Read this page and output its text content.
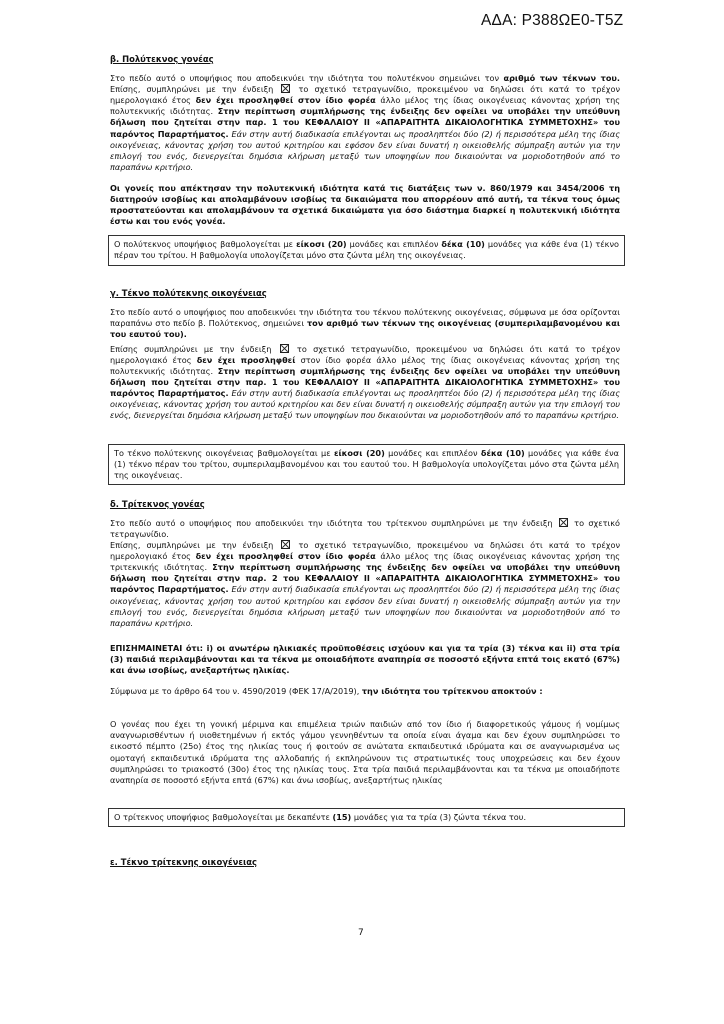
ΑΔΑ: Ρ388ΩΕ0-Τ5Ζ
β. Πολύτεκνος γονέας

Στο πεδίο αυτό ο υποψήφιος που αποδεικνύει την ιδιότητα του πολυτέκνου σημειώνει τον αριθμό των τέκνων του. Επίσης, συμπληρώνει με την ένδειξη  το σχετικό τετραγωνίδιο, προκειμένου να δηλώσει ότι κατά το τρέχον ημερολογιακό έτος δεν έχει προσληφθεί στον ίδιο φορέα άλλο μέλος της ίδιας οικογένειας κάνοντας χρήση της πολυτεκνικής ιδιότητας. Στην περίπτωση συμπλήρωσης της ένδειξης δεν οφείλει να υποβάλει την υπεύθυνη δήλωση που ζητείται στην παρ. 1 του ΚΕΦΑΛΑΙΟΥ ΙΙ «ΑΠΑΡΑΙΤΗΤΑ ΔΙΚΑΙΟΛΟΓΗΤΙΚΑ ΣΥΜΜΕΤΟΧΗΣ» του παρόντος Παραρτήματος. Εάν στην αυτή διαδικασία επιλέγονται ως προσληπτέοι δύο (2) ή περισσότερα μέλη της ίδιας οικογένειας, κάνοντας χρήση του αυτού κριτηρίου και εφόσον δεν είναι δυνατή η οικειοθελής σύμπραξη αυτών για την επιλογή του ενός, διενεργείται δημόσια κλήρωση μεταξύ των υποψηφίων που δικαιούνται να μοριοδοτηθούν από το παραπάνω κριτήριο.

Οι γονείς που απέκτησαν την πολυτεκνική ιδιότητα κατά τις διατάξεις των ν. 860/1979 και 3454/2006 τη διατηρούν ισοβίως και απολαμβάνουν ισοβίως τα δικαιώματα που απορρέουν από αυτή, τα τέκνα τους όμως προστατεύονται και απολαμβάνουν τα σχετικά δικαιώματα για όσο διάστημα διαρκεί η πολυτεκνική ιδιότητα έστω και του ενός γονέα.

Ο πολύτεκνος υποψήφιος βαθμολογείται με είκοσι (20) μονάδες και επιπλέον δέκα (10) μονάδες για κάθε ένα (1) τέκνο πέραν του τρίτου. Η βαθμολογία υπολογίζεται μόνο στα ζώντα μέλη της οικογένειας.
γ. Τέκνο πολύτεκνης οικογένειας

Στο πεδίο αυτό ο υποψήφιος που αποδεικνύει την ιδιότητα του τέκνου πολύτεκνης οικογένειας, σύμφωνα με όσα ορίζονται παραπάνω στο πεδίο β. Πολύτεκνος, σημειώνει τον αριθμό των τέκνων της οικογένειας (συμπεριλαμβανομένου και του εαυτού του).

Επίσης συμπληρώνει με την ένδειξη  το σχετικό τετραγωνίδιο, προκειμένου να δηλώσει ότι κατά το τρέχον ημερολογιακό έτος δεν έχει προσληφθεί στον ίδιο φορέα άλλο μέλος της ίδιας οικογένειας κάνοντας χρήση της πολυτεκνικής ιδιότητας. Στην περίπτωση συμπλήρωσης της ένδειξης δεν οφείλει να υποβάλει την υπεύθυνη δήλωση που ζητείται στην παρ. 1 του ΚΕΦΑΛΑΙΟΥ ΙΙ «ΑΠΑΡΑΙΤΗΤΑ ΔΙΚΑΙΟΛΟΓΗΤΙΚΑ ΣΥΜΜΕΤΟΧΗΣ» του παρόντος Παραρτήματος. Εάν στην αυτή διαδικασία επιλέγονται ως προσληπτέοι δύο (2) ή περισσότερα μέλη της ίδιας οικογένειας, κάνοντας χρήση του αυτού κριτηρίου και δεν είναι δυνατή η οικειοθελής σύμπραξη αυτών για την επιλογή του ενός, διενεργείται δημόσια κλήρωση μεταξύ των υποψηφίων που δικαιούνται να μοριοδοτηθούν από το παραπάνω κριτήριο.

Το τέκνο πολύτεκνης οικογένειας βαθμολογείται με είκοσι (20) μονάδες και επιπλέον δέκα (10) μονάδες για κάθε ένα (1) τέκνο πέραν του τρίτου, συμπεριλαμβανομένου και του εαυτού του. Η βαθμολογία υπολογίζεται μόνο στα ζώντα μέλη της οικογένειας.
δ. Τρίτεκνος γονέας

Στο πεδίο αυτό ο υποψήφιος που αποδεικνύει την ιδιότητα του τρίτεκνου συμπληρώνει με την ένδειξη  το σχετικό τετραγωνίδιο.

Επίσης, συμπληρώνει με την ένδειξη  το σχετικό τετραγωνίδιο, προκειμένου να δηλώσει ότι κατά το τρέχον ημερολογιακό έτος δεν έχει προσληφθεί στον ίδιο φορέα άλλο μέλος της ίδιας οικογένειας κάνοντας χρήση της τριτεκνικής ιδιότητας. Στην περίπτωση συμπλήρωσης της ένδειξης δεν οφείλει να υποβάλει την υπεύθυνη δήλωση που ζητείται στην παρ. 2 του ΚΕΦΑΛΑΙΟΥ ΙΙ «ΑΠΑΡΑΙΤΗΤΑ ΔΙΚΑΙΟΛΟΓΗΤΙΚΑ ΣΥΜΜΕΤΟΧΗΣ» του παρόντος Παραρτήματος. Εάν στην αυτή διαδικασία επιλέγονται ως προσληπτέοι δύο (2) ή περισσότερα μέλη της ίδιας οικογένειας, κάνοντας χρήση του αυτού κριτηρίου και εφόσον δεν είναι δυνατή η οικειοθελής σύμπραξη αυτών για την επιλογή του ενός, διενεργείται δημόσια κλήρωση μεταξύ των υποψηφίων που δικαιούνται να μοριοδοτηθούν από το παραπάνω κριτήριο.

ΕΠΙΣΗΜΑΙΝΕΤΑΙ ότι: i) οι ανωτέρω ηλικιακές προϋποθέσεις ισχύουν και για τα τρία (3) τέκνα και ii) στα τρία (3) παιδιά περιλαμβάνονται και τα τέκνα με οποιαδήποτε αναπηρία σε ποσοστό εξήντα επτά τοις εκατό (67%) και άνω ισοβίως, ανεξαρτήτως ηλικίας.

Σύμφωνα με το άρθρο 64 του ν. 4590/2019 (ΦΕΚ 17/Α/2019), την ιδιότητα του τρίτεκνου αποκτούν :

Ο γονέας που έχει τη γονική μέριμνα και επιμέλεια τριών παιδιών από τον ίδιο ή διαφορετικούς γάμους ή νομίμως αναγνωρισθέντων ή υιοθετημένων ή εκτός γάμου γεννηθέντων τα οποία είναι άγαμα και δεν έχουν συμπληρώσει το εικοστό πέμπτο (25ο) έτος της ηλικίας τους ή φοιτούν σε ανώτατα εκπαιδευτικά ιδρύματα και σε αναγνωρισμένα ως ομοταγή εκπαιδευτικά ιδρύματα της αλλοδαπής ή εκπληρώνουν τις στρατιωτικές τους υποχρεώσεις και δεν έχουν συμπληρώσει το τριακοστό (30ο) έτος της ηλικίας τους. Στα τρία παιδιά περιλαμβάνονται και τα τέκνα με οποιαδήποτε αναπηρία σε ποσοστό εξήντα επτά (67%) και άνω ισοβίως, ανεξαρτήτως ηλικίας

Ο τρίτεκνος υποψήφιος βαθμολογείται με δεκαπέντε (15) μονάδες για τα τρία (3) ζώντα τέκνα του.
ε. Τέκνο τρίτεκνης οικογένειας
7
